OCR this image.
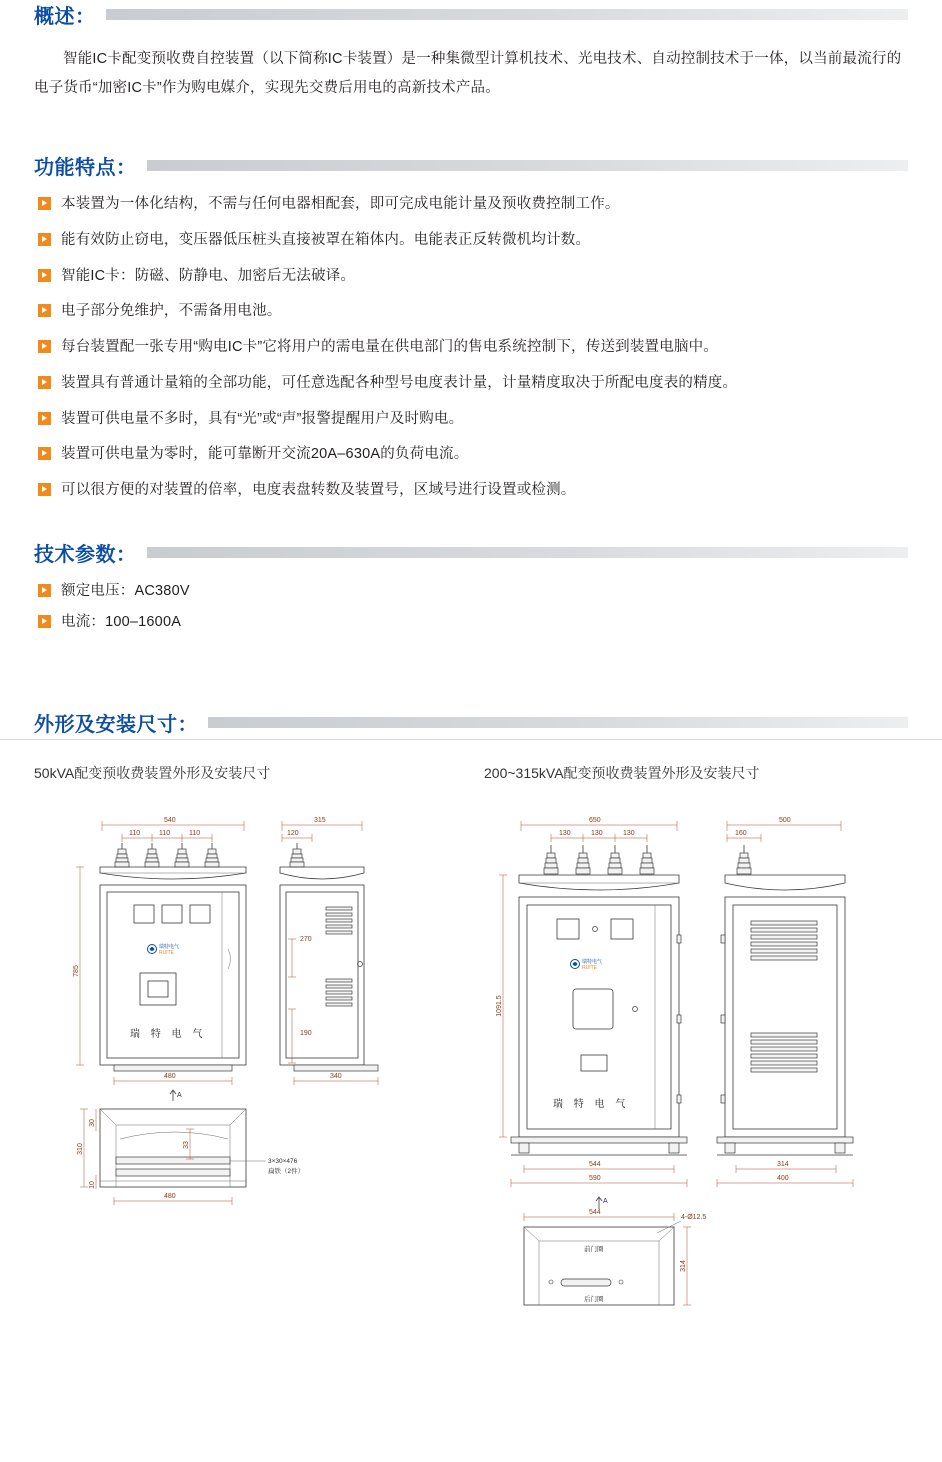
概述：

智能IC卡配变预收费自控装置（以下简称IC卡装置）是一种集微型计算机技术、光电技术、自动控制技术于一体，以当前最流行的电子货币“加密IC卡”作为购电媒介，实现先交费后用电的高新技术产品。

功能特点：
本装置为一体化结构，不需与任何电器相配套，即可完成电能计量及预收费控制工作。
能有效防止窃电，变压器低压桩头直接被罩在箱体内。电能表正反转微机均计数。
智能IC卡：防磁、防静电、加密后无法破译。
电子部分免维护，不需备用电池。
每台装置配一张专用“购电IC卡”它将用户的需电量在供电部门的售电系统控制下，传送到装置电脑中。
装置具有普通计量箱的全部功能，可任意选配各种型号电度表计量，计量精度取决于所配电度表的精度。
装置可供电量不多时，具有“光”或“声”报警提醒用户及时购电。
装置可供电量为零时，能可靠断开交流20A–630A的负荷电流。
可以很方便的对装置的倍率，电度表盘转数及装置号，区域号进行设置或检测。
技术参数：
额定电压：AC380V
电流：100–1600A
外形及安装尺寸：
50kVA配变预收费装置外形及安装尺寸	200~315kVA配变预收费装置外形及安装尺寸
540
110	110	110
瑞特电气
RUITE
瑞 特 电 气
785
480
A
315
120
270
190
340
310
30
33
10
480
3×30×476
扁铁（2件）
650
130	130	130
瑞特电气
RUITE
瑞 特 电 气
1091.5
544
590
A
500
160
314
400
544
前门圈
后门圈
4-Ø12.5
314
